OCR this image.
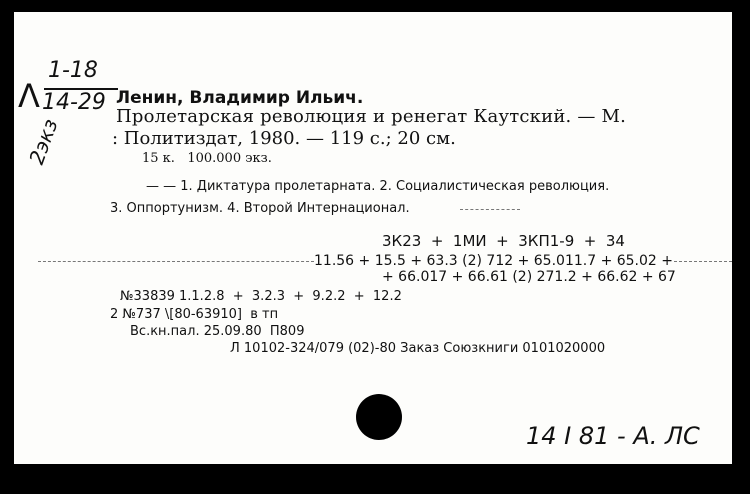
Λ
1-18
14-29
2экз
Ленин, Владимир Ильич.
Пролетарская революция и ренегат Каутский. — М.
: Политиздат, 1980. — 119 с.; 20 см.
15 к.   100.000 экз.
— — 1. Диктатура пролетарната. 2. Социалистическая революция.
3. Оппортунизм. 4. Второй Интернационал.
3К23  +  1МИ  +  3КП1-9  +  34
11.56 + 15.5 + 63.3 (2) 712 + 65.011.7 + 65.02 +
+ 66.017 + 66.61 (2) 271.2 + 66.62 + 67
№33839 1.1.2.8  +  3.2.3  +  9.2.2  +  12.2
2 №737 \[80-63910]  в тп
Вс.кн.пал. 25.09.80  П809
Л 10102-324/079 (02)-80 Заказ Союзкниги 0101020000
14 I 81 - А. ЛС
